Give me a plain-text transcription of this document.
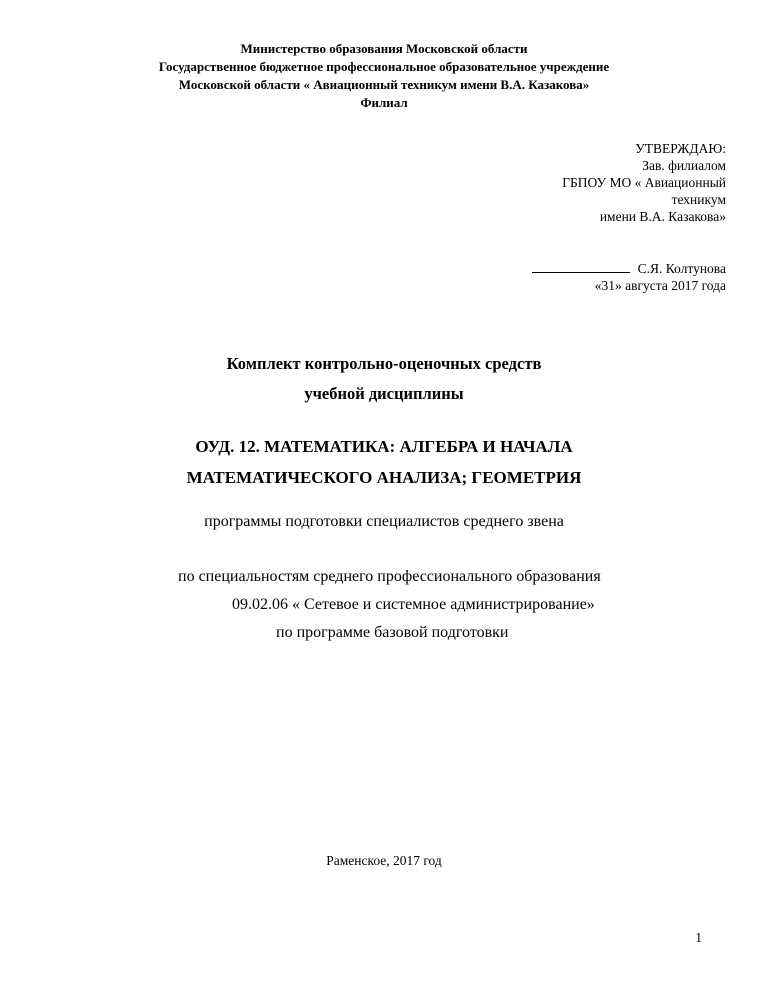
Министерство образования Московской области
Государственное бюджетное профессиональное образовательное учреждение
Московской области « Авиационный техникум имени В.А. Казакова»
Филиал
УТВЕРЖДАЮ:
Зав. филиалом
ГБПОУ МО « Авиационный
техникум
имени В.А. Казакова»
С.Я. Колтунова
«31» августа 2017 года
Комплект контрольно-оценочных средств
учебной дисциплины
ОУД. 12. МАТЕМАТИКА: АЛГЕБРА И НАЧАЛА
МАТЕМАТИЧЕСКОГО АНАЛИЗА; ГЕОМЕТРИЯ
программы подготовки специалистов среднего звена
по специальностям среднего профессионального образования
09.02.06 « Сетевое и системное администрирование»
по программе базовой подготовки
Раменское, 2017 год
1
